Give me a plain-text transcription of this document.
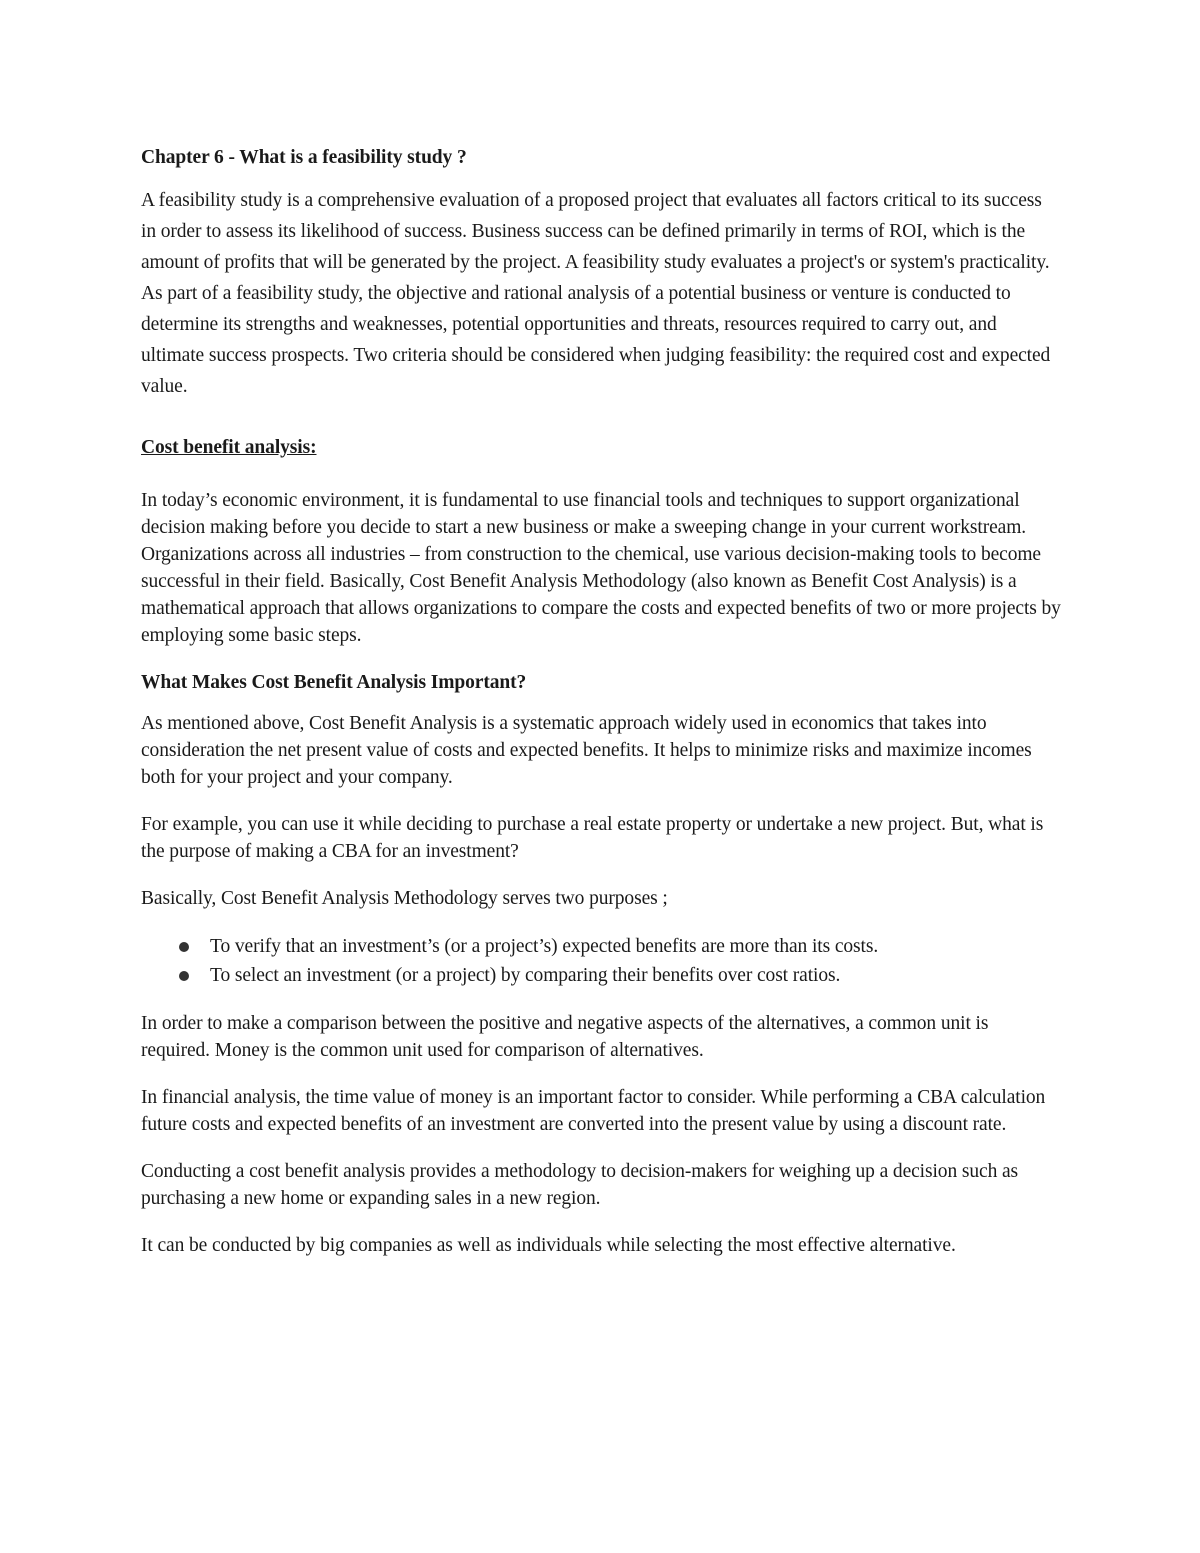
Chapter 6 - What is a feasibility study ?

A feasibility study is a comprehensive evaluation of a proposed project that evaluates all factors critical to its success in order to assess its likelihood of success. Business success can be defined primarily in terms of ROI, which is the amount of profits that will be generated by the project. A feasibility study evaluates a project's or system's practicality. As part of a feasibility study, the objective and rational analysis of a potential business or venture is conducted to determine its strengths and weaknesses, potential opportunities and threats, resources required to carry out, and ultimate success prospects. Two criteria should be considered when judging feasibility: the required cost and expected value.

Cost benefit analysis:

In today’s economic environment, it is fundamental to use financial tools and techniques to support organizational decision making before you decide to start a new business or make a sweeping change in your current workstream. Organizations across all industries – from construction to the chemical, use various decision-making tools to become successful in their field. Basically, Cost Benefit Analysis Methodology (also known as Benefit Cost Analysis) is a mathematical approach that allows organizations to compare the costs and expected benefits of two or more projects by employing some basic steps.

What Makes Cost Benefit Analysis Important?

As mentioned above, Cost Benefit Analysis is a systematic approach widely used in economics that takes into consideration the net present value of costs and expected benefits. It helps to minimize risks and maximize incomes both for your project and your company.

For example, you can use it while deciding to purchase a real estate property or undertake a new project. But, what is the purpose of making a CBA for an investment?

Basically, Cost Benefit Analysis Methodology serves two purposes ;

To verify that an investment’s (or a project’s) expected benefits are more than its costs.
To select an investment (or a project) by comparing their benefits over cost ratios.

In order to make a comparison between the positive and negative aspects of the alternatives, a common unit is required. Money is the common unit used for comparison of alternatives.

In financial analysis, the time value of money is an important factor to consider. While performing a CBA calculation future costs and expected benefits of an investment are converted into the present value by using a discount rate.

Conducting a cost benefit analysis provides a methodology to decision-makers for weighing up a decision such as purchasing a new home or expanding sales in a new region.

It can be conducted by big companies as well as individuals while selecting the most effective alternative.
